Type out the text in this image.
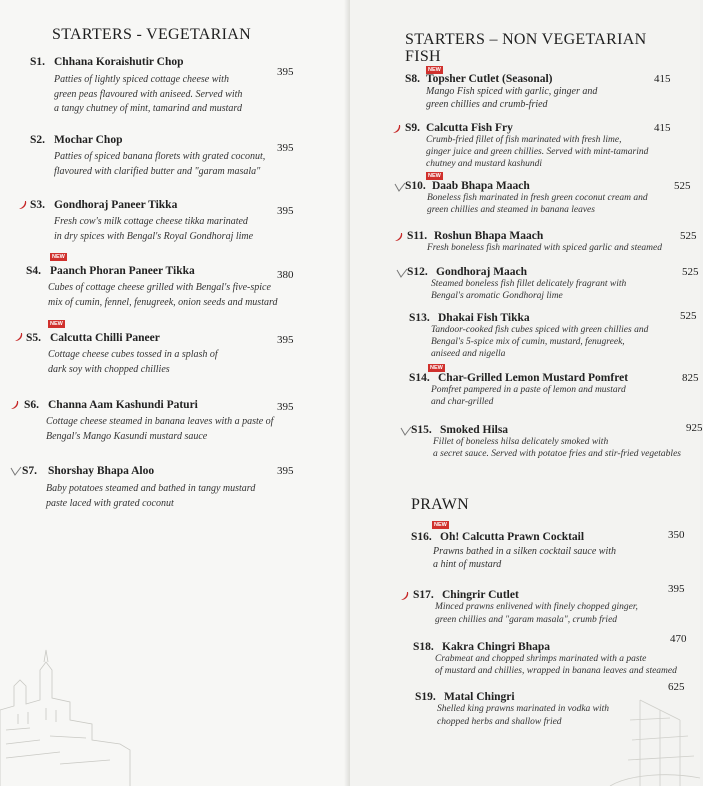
STARTERS - VEGETARIAN
S1. Chhana Koraishutir Chop
Patties of lightly spiced cottage cheese with
green peas flavoured with aniseed. Served with
a tangy chutney of mint, tamarind and mustard
395
S2. Mochar Chop
Patties of spiced banana florets with grated coconut,
flavoured with clarified butter and "garam masala"
395
S3. Gondhoraj Paneer Tikka
Fresh cow's milk cottage cheese tikka marinated
in dry spices with Bengal's Royal Gondhoraj lime
395
NEW
S4. Paanch Phoran Paneer Tikka
Cubes of cottage cheese grilled with Bengal's five-spice
mix of cumin, fennel, fenugreek, onion seeds and mustard
380
NEW
S5. Calcutta Chilli Paneer
Cottage cheese cubes tossed in a splash of
dark soy with chopped chillies
395
S6. Channa Aam Kashundi Paturi
Cottage cheese steamed in banana leaves with a paste of
Bengal's Mango Kasundi mustard sauce
395
S7. Shorshay Bhapa Aloo
Baby potatoes steamed and bathed in tangy mustard
paste laced with grated coconut
395
STARTERS – NON VEGETARIAN
FISH
NEW
S8. Topsher Cutlet (Seasonal)
Mango Fish spiced with garlic, ginger and
green chillies and crumb-fried
415
S9. Calcutta Fish Fry
Crumb-fried fillet of fish marinated with fresh lime,
ginger juice and green chillies. Served with mint-tamarind
chutney and mustard kashundi
415
NEW
S10. Daab Bhapa Maach
Boneless fish marinated in fresh green coconut cream and
green chillies and steamed in banana leaves
525
S11. Roshun Bhapa Maach
Fresh boneless fish marinated with spiced garlic and steamed
525
S12. Gondhoraj Maach
Steamed boneless fish fillet delicately fragrant with
Bengal's aromatic Gondhoraj lime
525
S13. Dhakai Fish Tikka
Tandoor-cooked fish cubes spiced with green chillies and
Bengal's 5-spice mix of cumin, mustard, fenugreek,
aniseed and nigella
525
NEW
S14. Char-Grilled Lemon Mustard Pomfret
Pomfret pampered in a paste of lemon and mustard
and char-grilled
825
S15. Smoked Hilsa
Fillet of boneless hilsa delicately smoked with
a secret sauce. Served with potatoe fries and stir-fried vegetables
925
PRAWN
NEW
S16. Oh! Calcutta Prawn Cocktail
Prawns bathed in a silken cocktail sauce with
a hint of mustard
350
S17. Chingrir Cutlet
Minced prawns enlivened with finely chopped ginger,
green chillies and "garam masala", crumb fried
395
S18. Kakra Chingri Bhapa
Crabmeat and chopped shrimps marinated with a paste
of mustard and chillies, wrapped in banana leaves and steamed
470
S19. Matal Chingri
Shelled king prawns marinated in vodka with
chopped herbs and shallow fried
625
